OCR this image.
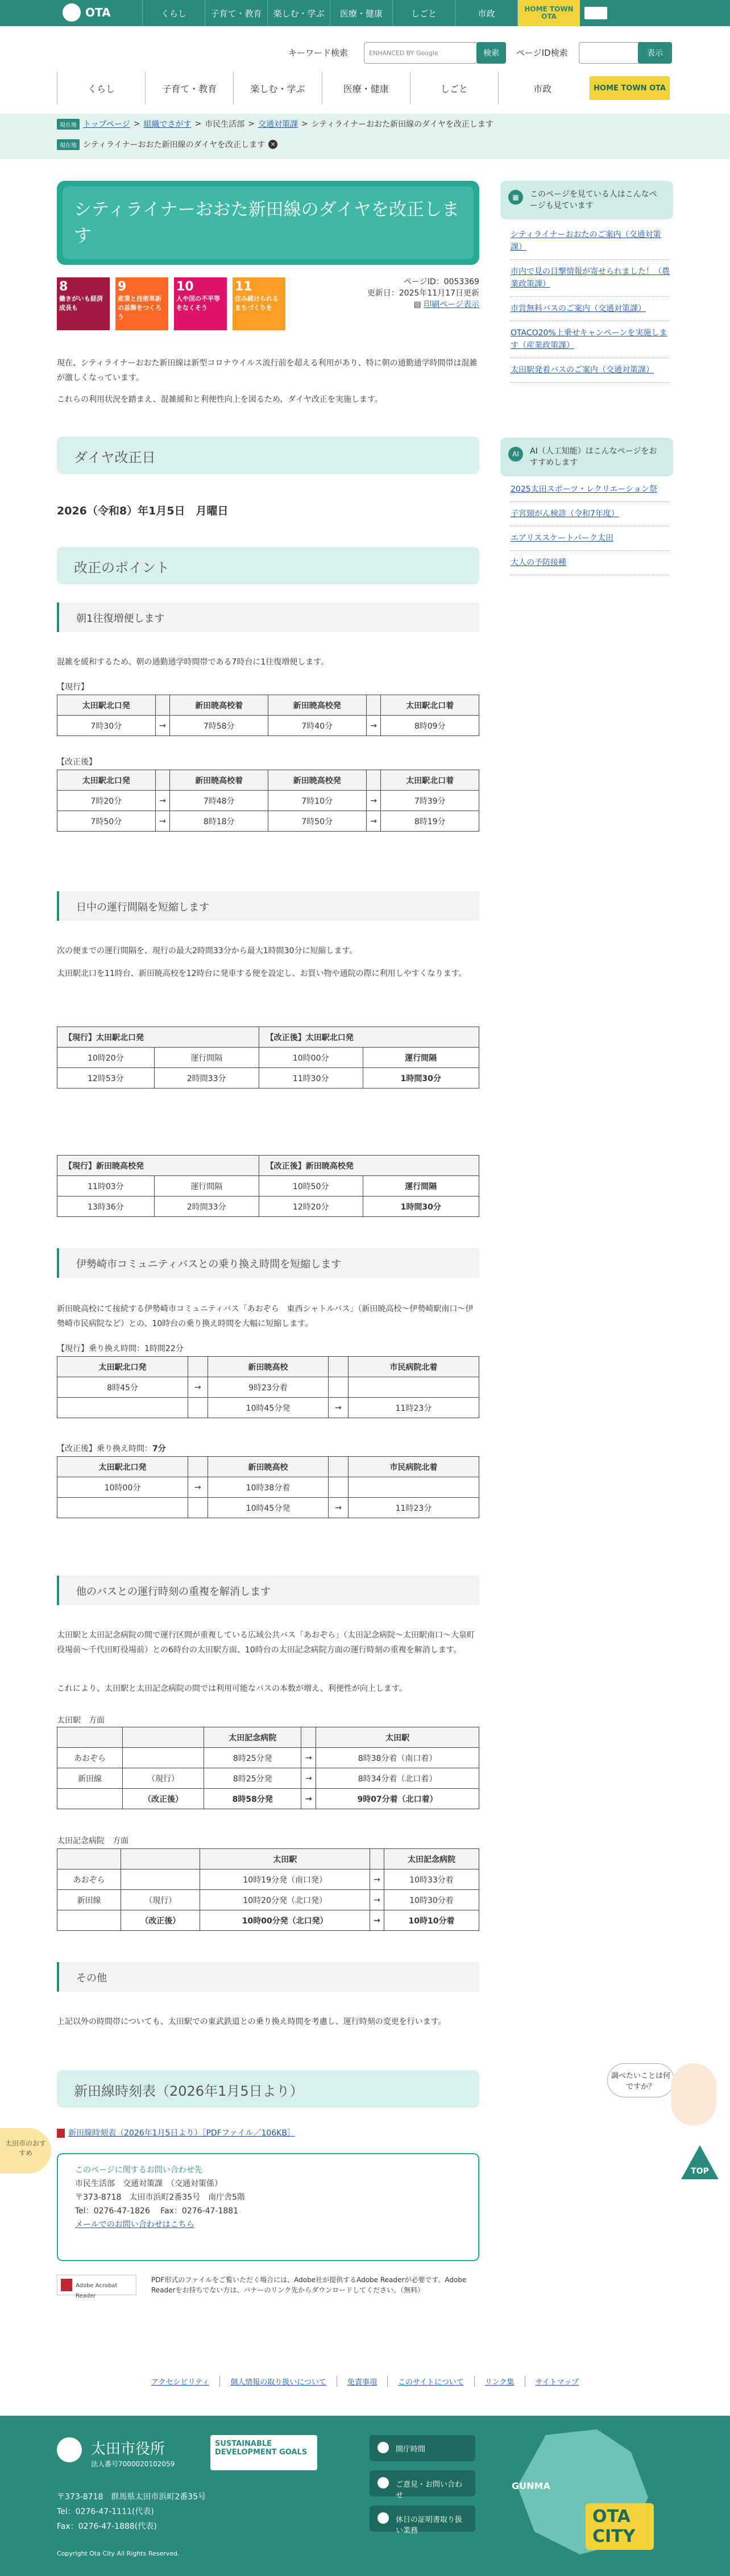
OTA	くらし	子育て・教育	楽しむ・学ぶ	医療・健康	しごと	市政	HOME TOWN OTA
キーワード検索	ENHANCED BY Google	検索	ページID検索	表示
くらし	子育て・教育	楽しむ・学ぶ	医療・健康	しごと	市政	HOME TOWN OTA
現在地 トップページ > 組織でさがす > 市民生活部 > 交通対策課 > シティライナーおおた新田線のダイヤを改正します
現在地 シティライナーおおた新田線のダイヤを改正します ×
シティライナーおおた新田線のダイヤを改正します
8
働きがいも経済成長も
9
産業と技術革新の基盤をつくろう
10
人や国の不平等をなくそう
11
住み続けられるまちづくりを
ページID：0053369
更新日：2025年11月17日更新
▤ 印刷ページ表示

現在、シティライナーおおた新田線は新型コロナウイルス流行前を超える利用があり、特に朝の通勤通学時間帯は混雑が激しくなっています。

これらの利用状況を踏まえ、混雑緩和と利便性向上を図るため、ダイヤ改正を実施します。

ダイヤ改正日
2026（令和8）年1月5日　月曜日
改正のポイント
朝1往復増便します
混雑を緩和するため、朝の通勤通学時間帯である7時台に1往復増便します。
【現行】
太田駅北口発		新田暁高校着	新田暁高校発		太田駅北口着
7時30分	→	7時58分	7時40分	→	8時09分
【改正後】
太田駅北口発		新田暁高校着	新田暁高校発		太田駅北口着
7時20分	→	7時48分	7時10分	→	7時39分
7時50分	→	8時18分	7時50分	→	8時19分
日中の運行間隔を短縮します
次の便までの運行間隔を、現行の最大2時間33分から最大1時間30分に短縮します。
太田駅北口を11時台、新田暁高校を12時台に発車する便を設定し、お買い物や通院の際に利用しやすくなります。
【現行】太田駅北口発		【改正後】太田駅北口発	
10時20分	運行間隔	10時00分	運行間隔
12時53分	2時間33分	11時30分	1時間30分
【現行】新田暁高校発		【改正後】新田暁高校発	
11時03分	運行間隔	10時50分	運行間隔
13時36分	2時間33分	12時20分	1時間30分
伊勢崎市コミュニティバスとの乗り換え時間を短縮します
新田暁高校にて接続する伊勢崎市コミュニティバス「あおぞら　東西シャトルバス」（新田暁高校～伊勢崎駅南口～伊勢崎市民病院など）との、10時台の乗り換え時間を大幅に短縮します。
【現行】乗り換え時間：1時間22分
太田駅北口発		新田暁高校		市民病院北着
8時45分	→	9時23分着		
		10時45分発	→	11時23分
【改正後】乗り換え時間：7分
太田駅北口発		新田暁高校		市民病院北着
10時00分	→	10時38分着		
		10時45分発	→	11時23分
他のバスとの運行時刻の重複を解消します
太田駅と太田記念病院の間で運行区間が重複している広域公共バス「あおぞら」（太田記念病院～太田駅南口～大泉町役場前～千代田町役場前）との6時台の太田駅方面、10時台の太田記念病院方面の運行時刻の重複を解消します。
これにより、太田駅と太田記念病院の間では利用可能なバスの本数が増え、利便性が向上します。
太田駅　方面
		太田記念病院		太田駅
あおぞら		8時25分発	→	8時38分着（南口着）
新田線	（現行）	8時25分発	→	8時34分着（北口着）
	（改正後）	8時58分発	→	9時07分着（北口着）
太田記念病院　方面
		太田駅		太田記念病院
あおぞら		10時19分発（南口発）	→	10時33分着
新田線	（現行）	10時20分発（北口発）	→	10時30分着
	（改正後）	10時00分発（北口発）	→	10時10分着
その他
上記以外の時間帯についても、太田駅での東武鉄道との乗り換え時間を考慮し、運行時刻の変更を行います。
新田線時刻表（2026年1月5日より）
新田線時刻表（2026年1月5日より）［PDFファイル／106KB］
このページに関するお問い合わせ先
市民生活部　交通対策課　（交通対策係）
〒373-8718　太田市浜町2番35号　南庁舎5階
Tel：0276-47-1826　 Fax：0276-47-1881
メールでのお問い合わせはこちら
Adobe Acrobat Reader
PDF形式のファイルをご覧いただく場合には、Adobe社が提供するAdobe Readerが必要です。Adobe Readerをお持ちでない方は、バナーのリンク先からダウンロードしてください。（無料）
▦	このページを見ている人はこんなページも見ています
シティライナーおおたのご案内（交通対策課）
市内で見の目撃情報が寄せられました！（農業政策課）
市営無料バスのご案内（交通対策課）
OTACO20%上乗せキャンペーンを実施します（産業政策課）
太田駅発着バスのご案内（交通対策課）
AI	AI（人工知能）はこんなページをおすすめします
2025太田スポーツ・レクリエーション祭
子宮頸がん検診（令和7年度）
エアリススケートパーク太田
大人の予防接種
太田市のおすすめ
調べたいことは何ですか？
TOP
アクセシビリティ	個人情報の取り扱いについて	免責事項	このサイトについて	リンク集	サイトマップ
太田市役所
法人番号7000020102059
SUSTAINABLE DEVELOPMENT GOALS
〒373-8718　群馬県太田市浜町2番35号
Tel：0276-47-1111(代表)
Fax：0276-47-1888(代表)
Copyright Ota City All Rights Reserved.
開庁時間
ご意見・お問い合わせ
休日の証明書取り扱い業務
GUNMA
OTA CITY
